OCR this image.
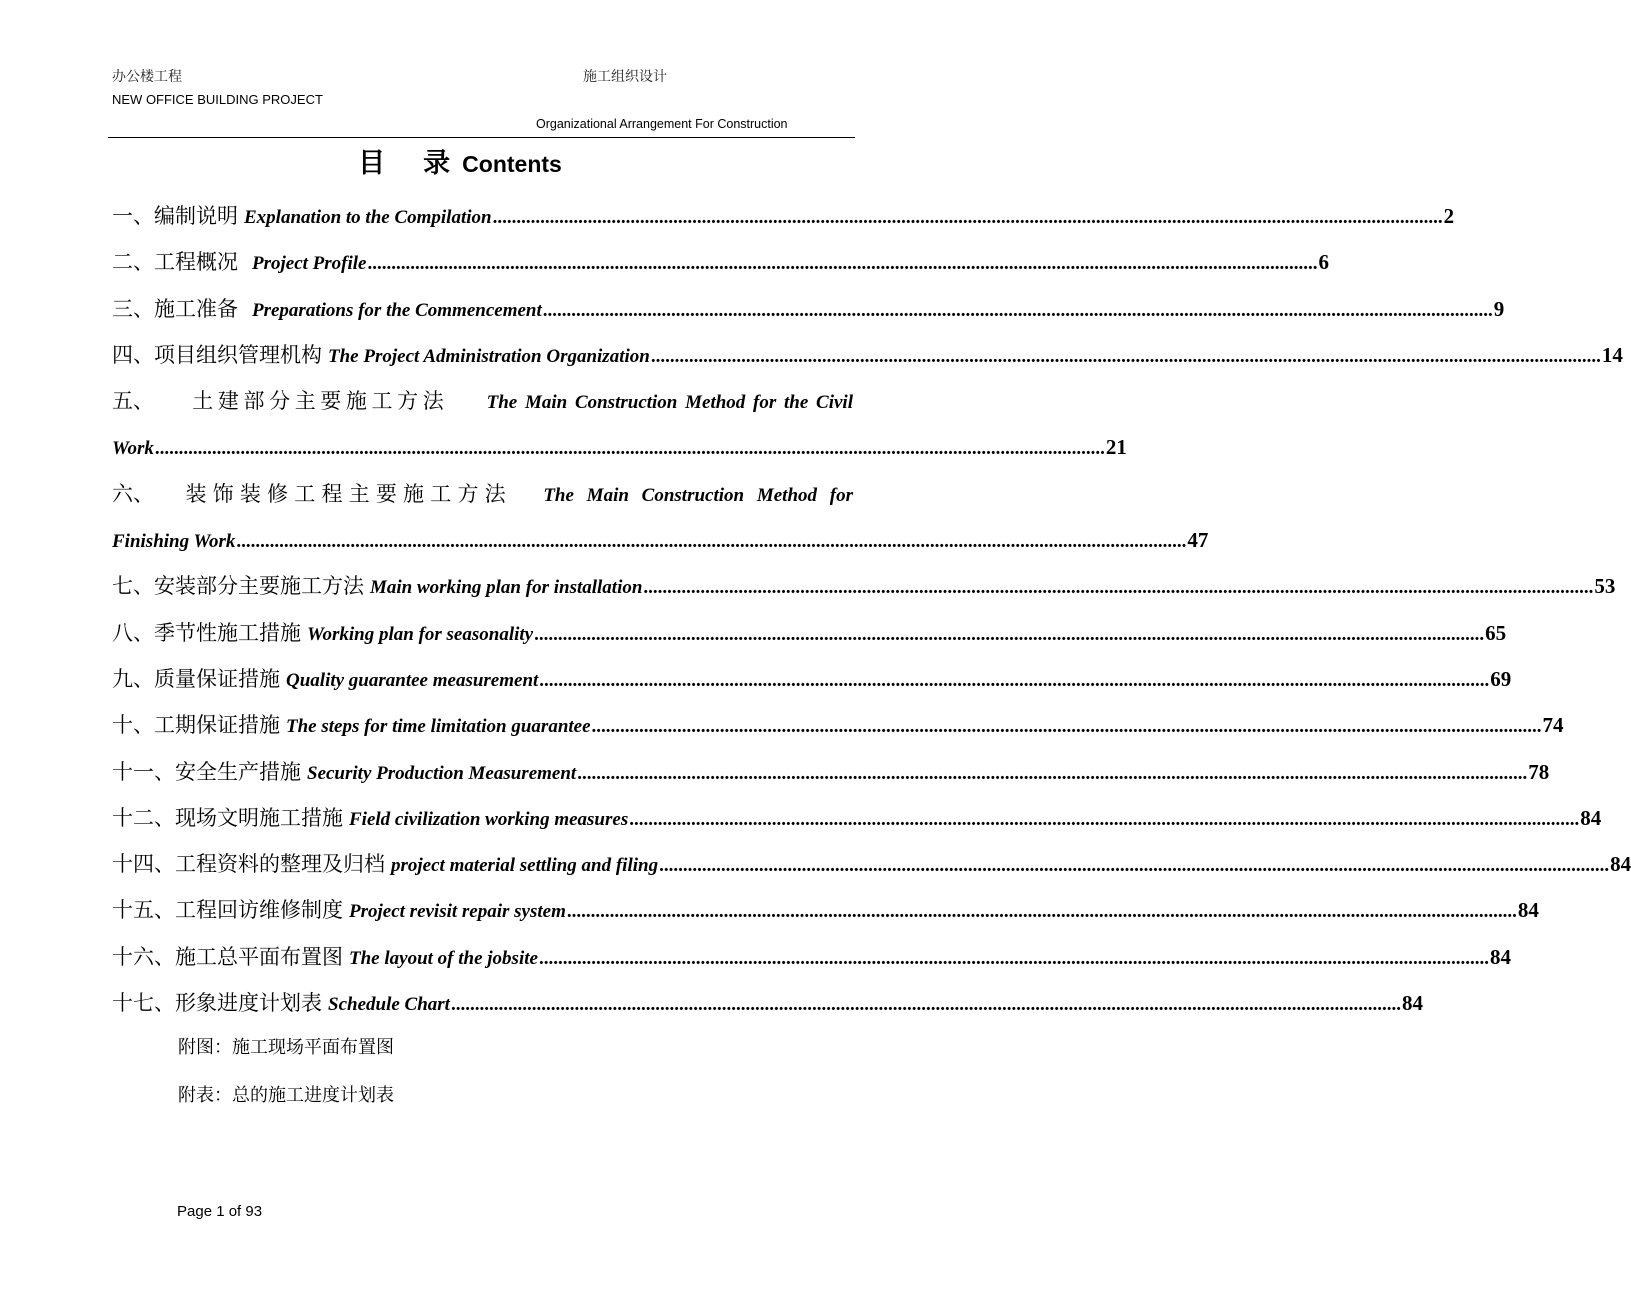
办公楼工程
NEW OFFICE BUILDING PROJECT
施工组织设计
Organizational Arrangement For Construction
目录Contents
一、 编制说明 Explanation to the Compilation ........................................................................................................................................................................................................ 2
二、 工程概况 Project Profile ........................................................................................................................................................................................................ 6
三、 施工准备 Preparations for the Commencement ........................................................................................................................................................................................................ 9
四、 项目组织管理机构 The Project Administration Organization ........................................................................................................................................................................................................ 14
五、 土建部分主要施工方法 The Main Construction Method for the Civil
Work ........................................................................................................................................................................................................ 21
六、 装饰装修工程主要施工方法 The Main Construction Method for
Finishing Work ........................................................................................................................................................................................................ 47
七、 安装部分主要施工方法 Main working plan for installation ........................................................................................................................................................................................................ 53
八、 季节性施工措施 Working plan for seasonality ........................................................................................................................................................................................................ 65
九、 质量保证措施 Quality guarantee measurement ........................................................................................................................................................................................................ 69
十、 工期保证措施 The steps for time limitation guarantee ........................................................................................................................................................................................................ 74
十一、 安全生产措施 Security Production Measurement ........................................................................................................................................................................................................ 78
十二、 现场文明施工措施 Field civilization working measures ........................................................................................................................................................................................................ 84
十四、 工程资料的整理及归档 project material settling and filing ........................................................................................................................................................................................................ 84
十五、 工程回访维修制度 Project revisit repair system ........................................................................................................................................................................................................ 84
十六、 施工总平面布置图 The layout of the jobsite ........................................................................................................................................................................................................ 84
十七、 形象进度计划表 Schedule Chart ........................................................................................................................................................................................................ 84
附图：施工现场平面布置图
附表：总的施工进度计划表
Page 1 of 93
